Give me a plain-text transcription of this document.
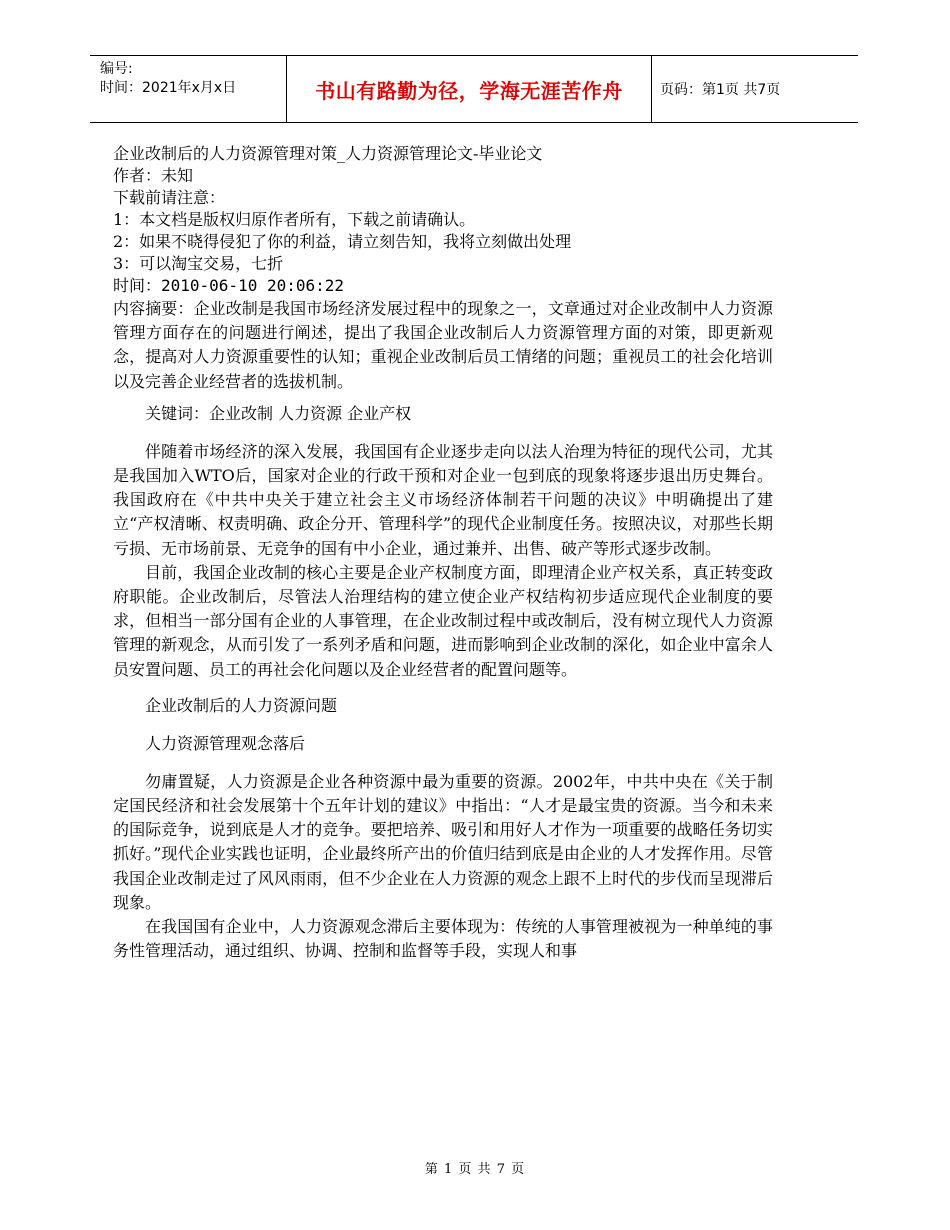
编号:
时间：2021年x月x日	书山有路勤为径，学海无涯苦作舟	页码：第1页 共7页
企业改制后的人力资源管理对策_人力资源管理论文-毕业论文
作者：未知
下载前请注意：
1：本文档是版权归原作者所有，下载之前请确认。
2：如果不晓得侵犯了你的利益，请立刻告知，我将立刻做出处理
3：可以淘宝交易，七折
时间：2010-06-10 20:06:22

内容摘要：企业改制是我国市场经济发展过程中的现象之一，文章通过对企业改制中人力资源管理方面存在的问题进行阐述，提出了我国企业改制后人力资源管理方面的对策，即更新观念，提高对人力资源重要性的认知；重视企业改制后员工情绪的问题；重视员工的社会化培训以及完善企业经营者的选拔机制。

关键词：企业改制 人力资源 企业产权

伴随着市场经济的深入发展，我国国有企业逐步走向以法人治理为特征的现代公司，尤其是我国加入WTO后，国家对企业的行政干预和对企业一包到底的现象将逐步退出历史舞台。我国政府在《中共中央关于建立社会主义市场经济体制若干问题的决议》中明确提出了建立“产权清晰、权责明确、政企分开、管理科学”的现代企业制度任务。按照决议，对那些长期亏损、无市场前景、无竞争的国有中小企业，通过兼并、出售、破产等形式逐步改制。

目前，我国企业改制的核心主要是企业产权制度方面，即理清企业产权关系，真正转变政府职能。企业改制后，尽管法人治理结构的建立使企业产权结构初步适应现代企业制度的要求，但相当一部分国有企业的人事管理，在企业改制过程中或改制后，没有树立现代人力资源管理的新观念，从而引发了一系列矛盾和问题，进而影响到企业改制的深化，如企业中富余人员安置问题、员工的再社会化问题以及企业经营者的配置问题等。

企业改制后的人力资源问题
人力资源管理观念落后

勿庸置疑，人力资源是企业各种资源中最为重要的资源。2002年，中共中央在《关于制定国民经济和社会发展第十个五年计划的建议》中指出：“人才是最宝贵的资源。当今和未来的国际竞争，说到底是人才的竞争。要把培养、吸引和用好人才作为一项重要的战略任务切实抓好。”现代企业实践也证明，企业最终所产出的价值归结到底是由企业的人才发挥作用。尽管我国企业改制走过了风风雨雨，但不少企业在人力资源的观念上跟不上时代的步伐而呈现滞后现象。

在我国国有企业中，人力资源观念滞后主要体现为：传统的人事管理被视为一种单纯的事务性管理活动，通过组织、协调、控制和监督等手段，实现人和事

第 1 页 共 7 页
